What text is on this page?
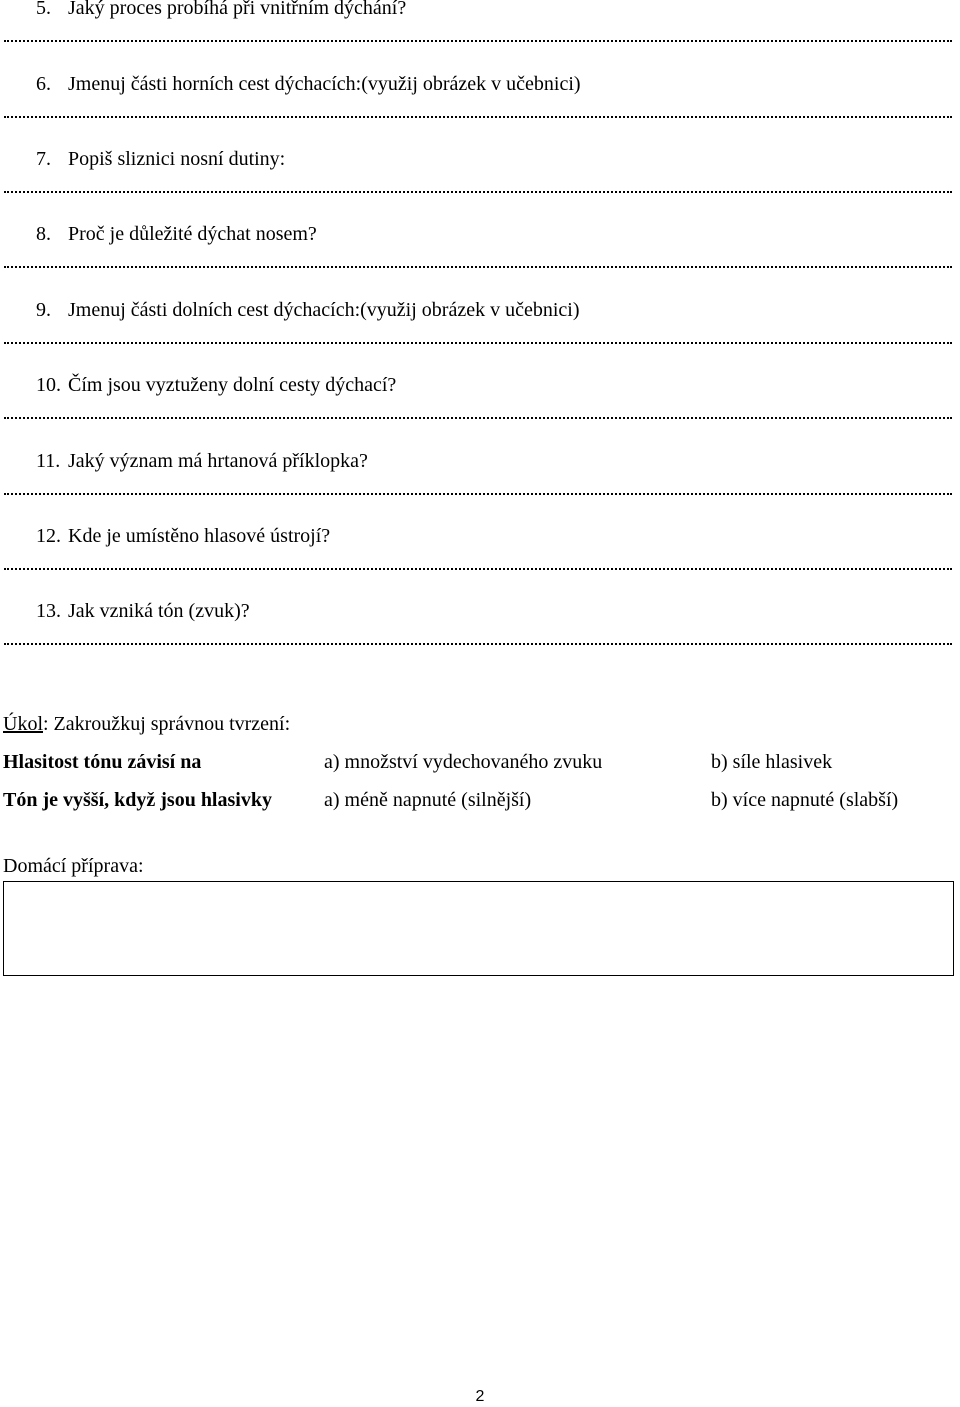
5. Jaký proces probíhá při vnitřním dýchání?
6. Jmenuj části horních cest dýchacích:(využij obrázek v učebnici)
7. Popiš sliznici nosní dutiny:
8. Proč je důležité dýchat nosem?
9. Jmenuj části dolních cest dýchacích:(využij obrázek v učebnici)
10. Čím jsou vyztuženy dolní cesty dýchací?
11. Jaký význam má hrtanová příklopka?
12. Kde je umístěno hlasové ústrojí?
13. Jak vzniká tón (zvuk)?
Úkol: Zakroužkuj správnou tvrzení:
Hlasitost tónu závisí na	a) množství vydechovaného zvuku	b) síle hlasivek
Tón je vyšší, když jsou hlasivky	a) méně napnuté (silnější)	b) více napnuté (slabší)
Domácí příprava:
2
